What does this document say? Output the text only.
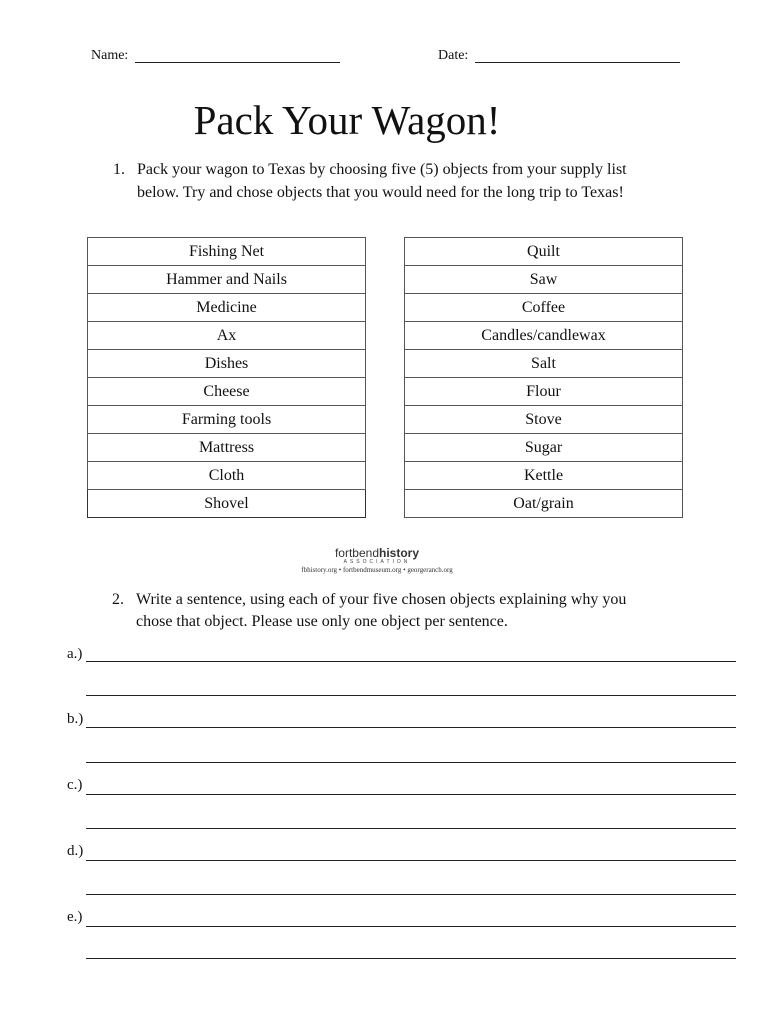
Name:	Date:
Pack Your Wagon!
1. Pack your wagon to Texas by choosing five (5) objects from your supply list
below. Try and chose objects that you would need for the long trip to Texas!
Fishing Net
Hammer and Nails
Medicine
Ax
Dishes
Cheese
Farming tools
Mattress
Cloth
Shovel
Quilt
Saw
Coffee
Candles/candlewax
Salt
Flour
Stove
Sugar
Kettle
Oat/grain
fortbendhistory
ASSOCIATION
fbhistory.org • fortbendmuseum.org • georgeranch.org
2. Write a sentence, using each of your five chosen objects explaining why you
chose that object. Please use only one object per sentence.
a.)
b.)
c.)
d.)
e.)
